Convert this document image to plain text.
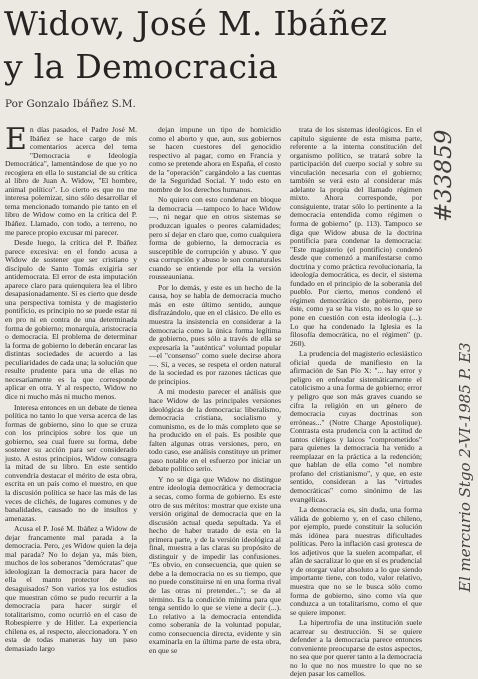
Widow, José M. Ibáñez
y la Democracia
Por Gonzalo Ibáñez S.M.
E n días pasados, el Padre José M. Ibáñez se hace cargo de mis comentarios acerca del tema "Democracia e Ideología Democrática", lamentándose de que yo no recogiera en ella lo sustancial de su crítica al libro de Juan A. Widow, "El hombre, animal político". Lo cierto es que no me interesa polemizar, sino sólo desarrollar el tema mencionado tomando pie tanto en el libro de Widow como en la crítica del P. Ibáñez. Llamado, con todo, a terreno, no me parece propio excusar mi parecer.

Desde luego, la crítica del P. Ibáñez parece excesiva: en el fondo acusa a Widow de sostener que ser cristiano y discípulo de Santo Tomás exigiría ser antidemocrata. El error de esta imputación aparece claro para quienquiera lea el libro desapasionadamente. Sí es cierto que desde una perspectiva tomista y de magisterio pontificio, es principio no se puede estar ni en pro ni en contra de una determinada forma de gobierno; monarquía, aristocracia o democracia. El problema de determinar la forma de gobierno lo deberán encarar las distintas sociedades de acuerdo a las peculiaridades de cada una; la solución que resulte prudente para una de ellas no necesariamente es la que corresponde aplicar en otra. Y al respecto, Widow no dice ni mucho más ni mucho menos.

Interesa entonces en un debate de tienea política no tanto lo que versa acerca de las formas de gobierno, sino lo que se cruza con los principios sobre los que un gobierno, sea cual fuere su forma, debe sostener su acción para ser considerado justo. A estos principios, Widow consagra la mitad de su libro. En este sentido convendría destacar el mérito de esta obra, escrita en un país como el nuestro, en que la discusión política se hace las más de las veces de clichés, de lugares comunes y de banalidades, causado no de insultos y amenazas.

Acusa el P. José M. Ibáñez a Widow de dejar francamente mal parada a la democracia. Pero, ¿es Widow quien la deja mal parada? No lo dejan ya, más bien, muchos de los soberanos "demócratas" que ideologizan la democracia para hacer de ella el manto protector de sus desaguisados? Son varios ya los estudios que muestran cómo se pudo recurrir a la democracia para hacer surgir el totalitarismo, como ocurrió en el caso de Robespierre y de Hitler. La experiencia chilena es, al respecto, aleccionadora. Y en esta de todas maneras hay un paso demasiado largo

dejan impune un tipo de homicidio como el aborto y que, aun, sus gobiernos se hacen cuestores del genocidio respectivo al pagar, como en Francia y como se pretende ahora en España, el costo de la "operación" cargándolo a las cuentas de la Seguridad Social. Y todo esto en nombre de los derechos humanos.

No quiero con esto condenar en bloque la democracia —tampoco lo hace Widow—, ni negar que en otros sistemas se produzcan iguales o peores calamidades; pero sí dejar en claro que, como cualquiera forma de gobierno, la democracia es susceptible de corrupción y abuso. Y que esa corrupción y abuso le son connaturales cuando se entiende por ella la versión rousseauniana.

Por lo demás, y este es un hecho de la causa, hoy se habla de democracia mucho más en este último sentido, aunque disfrazándolo, que en el clásico. De ello es muestra la insistencia en considerar a la democracia como la única forma legítima de gobierno, pues sólo a través de ella se expresaría la "auténtica" voluntad popular —el "consenso" como suele decirse ahora—. Sí, a veces, se respeta el orden natural de la sociedad es por razones tácticas que de principios.

A mi modesto parecer el análisis que hace Widow de las principales versiones ideológicas de la democracia: liberalismo, democracia cristiana, socialismo y comunismo, es de lo más completo que se ha producido en el país. Es posible que falten algunas otras versiones, pero, en todo caso, ese análisis constituye un primer paso notable en el esfuerzo por iniciar un debate político serio.

Y no se diga que Widow no distingue entre ideología democrática y democracia a secas, como forma de gobierno. Es este otro de sus méritos: mostrar que existe una versión original de democracia que en la discusión actual queda sepultada. Ya el hecho de haber tratado de esta en la primera parte, y de la versión ideológica al final, muestra a las claras su propósito de distinguir y de impedir las confusiones. "Es obvio, en consecuencia, que quien se debe a la democracia no es su tiempo, que no puede constituirse ni en una forma rival de las otras ni pretender..."; se da al término. Es la condición mínima para que tenga sentido lo que se viene a decir (...). Lo relativo a la democracia entendida como soberanía de la voluntad popular, como consecuencia directa, evidente y sin examinarla en la última parte de esta obra, en que se

trata de los sistemas ideológicos. En el capítulo siguiente de esta misma parte, referente a la interna constitución del organismo político, se tratará sobre la participación del cuerpo social y sobre su vinculación necesaria con el gobierno; también se verá esto al considerar más adelante la propia del llamado régimen mixto. Ahora corresponde, por consiguiente, tratar sólo lo pertinente a la democracia entendida como régimen o forma de gobierno" (p. 113). Tampoco se diga que Widow abusa de la doctrina pontificia para condenar la democracia: "Este magisterio (el pontificio) condenó desde que comenzó a manifestarse como doctrina y como práctica revolucionaria, la ideología democrática, es decir, el sistema fundado en el principio de la soberanía del pueblo. Por cierto, menos condenó el régimen democrático de gobierno, pero éste, como ya se ha visto, no es lo que se pone en cuestión con esta ideología (...). Lo que ha condenado la Iglesia es la filosofía democrática, no el régimen" (p. 260).

La prudencia del magisterio eclesiástico oficial queda de manifiesto en la afirmación de San Pío X: "... hay error y peligro en enfeudar sistemáticamente el catolicismo a una forma de gobierno; error y peligro que son más graves cuando se cifra la religión en un género de democracia cuyas doctrinas son erróneas..." (Notre Charge Apostolique). Contrasta esta prudencia con la actitud de tantos clérigos y laicos "comprometidos" para quienes la democracia ha venido a reemplazar en la práctica a la redención; que hablan de ella como "el nombre profano del cristianismo", y que, en este sentido, consideran a las "virtudes democráticas" como sinónimo de las evangélicas.

La democracia es, sin duda, una forma válida de gobierno y, en el caso chileno, por ejemplo, puede constituir la solución más idónea para nuestras dificultades políticas. Pero la inflación casi grotesca de los adjetivos que la suelen acompañar, el afán de sacralizar lo que en sí es prudencial y de otorgar valor absoluto a lo que siendo importante tiene, con todo, valor relativo, muestra que no se le busca sólo como forma de gobierno, sino como vía que conduzca a un totalitarismo, como el que se quiere imponer.

La hipertrofia de una institución suele acarrear su destrucción. Si se quiere defender a la democracia parece entonces conveniente preocuparse de estos aspectos, no sea que por querer tanto a la democracia no lo que no nos muestre lo que no se dejen pasar los camellos.

El mercurio Stgo 2-VI-1985 P. E3
#33859
